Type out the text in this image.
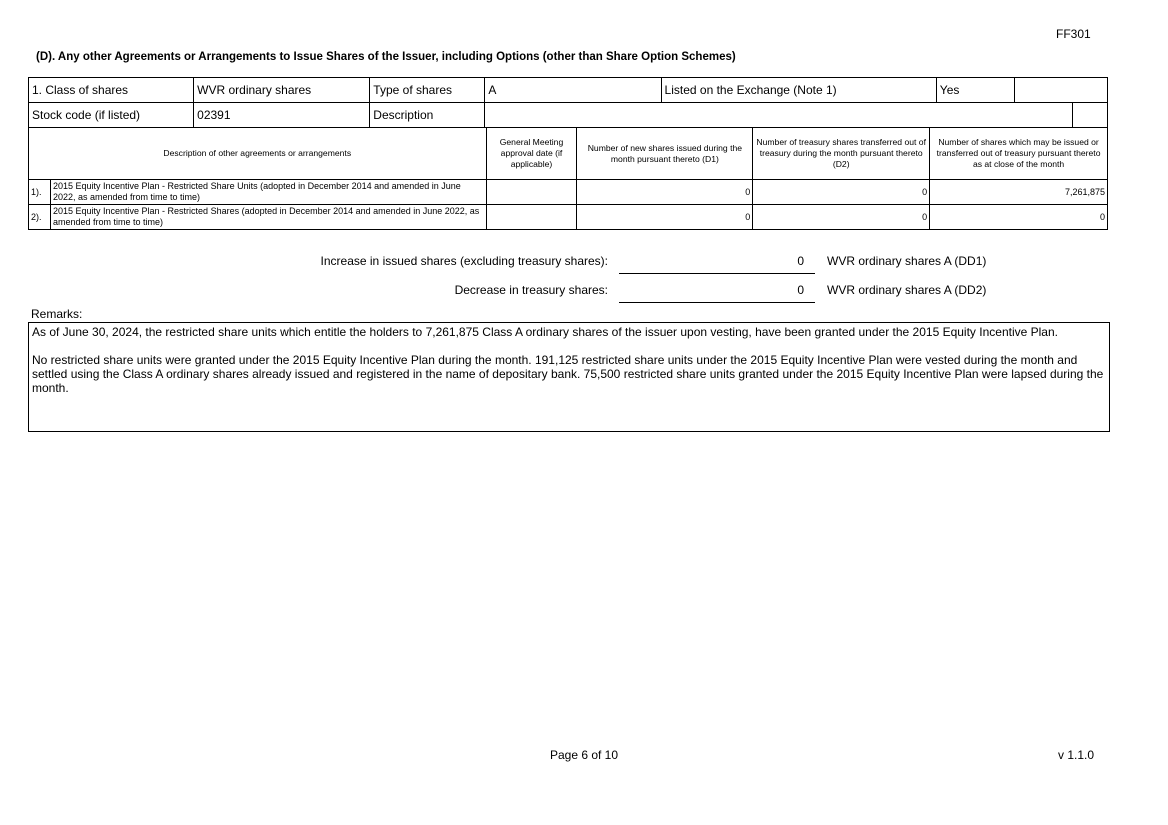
FF301
(D). Any other Agreements or Arrangements to Issue Shares of the Issuer, including Options (other than Share Option Schemes)
1. Class of shares	WVR ordinary shares	Type of shares	A	Listed on the Exchange (Note 1)	Yes		
Stock code (if listed)	02391	Description					
Description of other agreements or arrangements		General Meeting approval date (if applicable)	Number of new shares issued during the month pursuant thereto (D1)	Number of treasury shares transferred out of treasury during the month pursuant thereto (D2)	Number of shares which may be issued or transferred out of treasury pursuant thereto as at close of the month
1).	2015 Equity Incentive Plan - Restricted Share Units (adopted in December 2014 and amended in June 2022, as amended from time to time)		0	0	7,261,875
2).	2015 Equity Incentive Plan - Restricted Shares (adopted in December 2014 and amended in June 2022, as amended from time to time)		0	0	0
Increase in issued shares (excluding treasury shares):	0 WVR ordinary shares A (DD1)
Decrease in treasury shares:	0 WVR ordinary shares A (DD2)
Remarks:

As of June 30, 2024, the restricted share units which entitle the holders to 7,261,875 Class A ordinary shares of the issuer upon vesting, have been granted under the 2015 Equity Incentive Plan.

No restricted share units were granted under the 2015 Equity Incentive Plan during the month. 191,125 restricted share units under the 2015 Equity Incentive Plan were vested during the month and settled using the Class A ordinary shares already issued and registered in the name of depositary bank. 75,500 restricted share units granted under the 2015 Equity Incentive Plan were lapsed during the month.

Page 6 of 10	v 1.1.0
